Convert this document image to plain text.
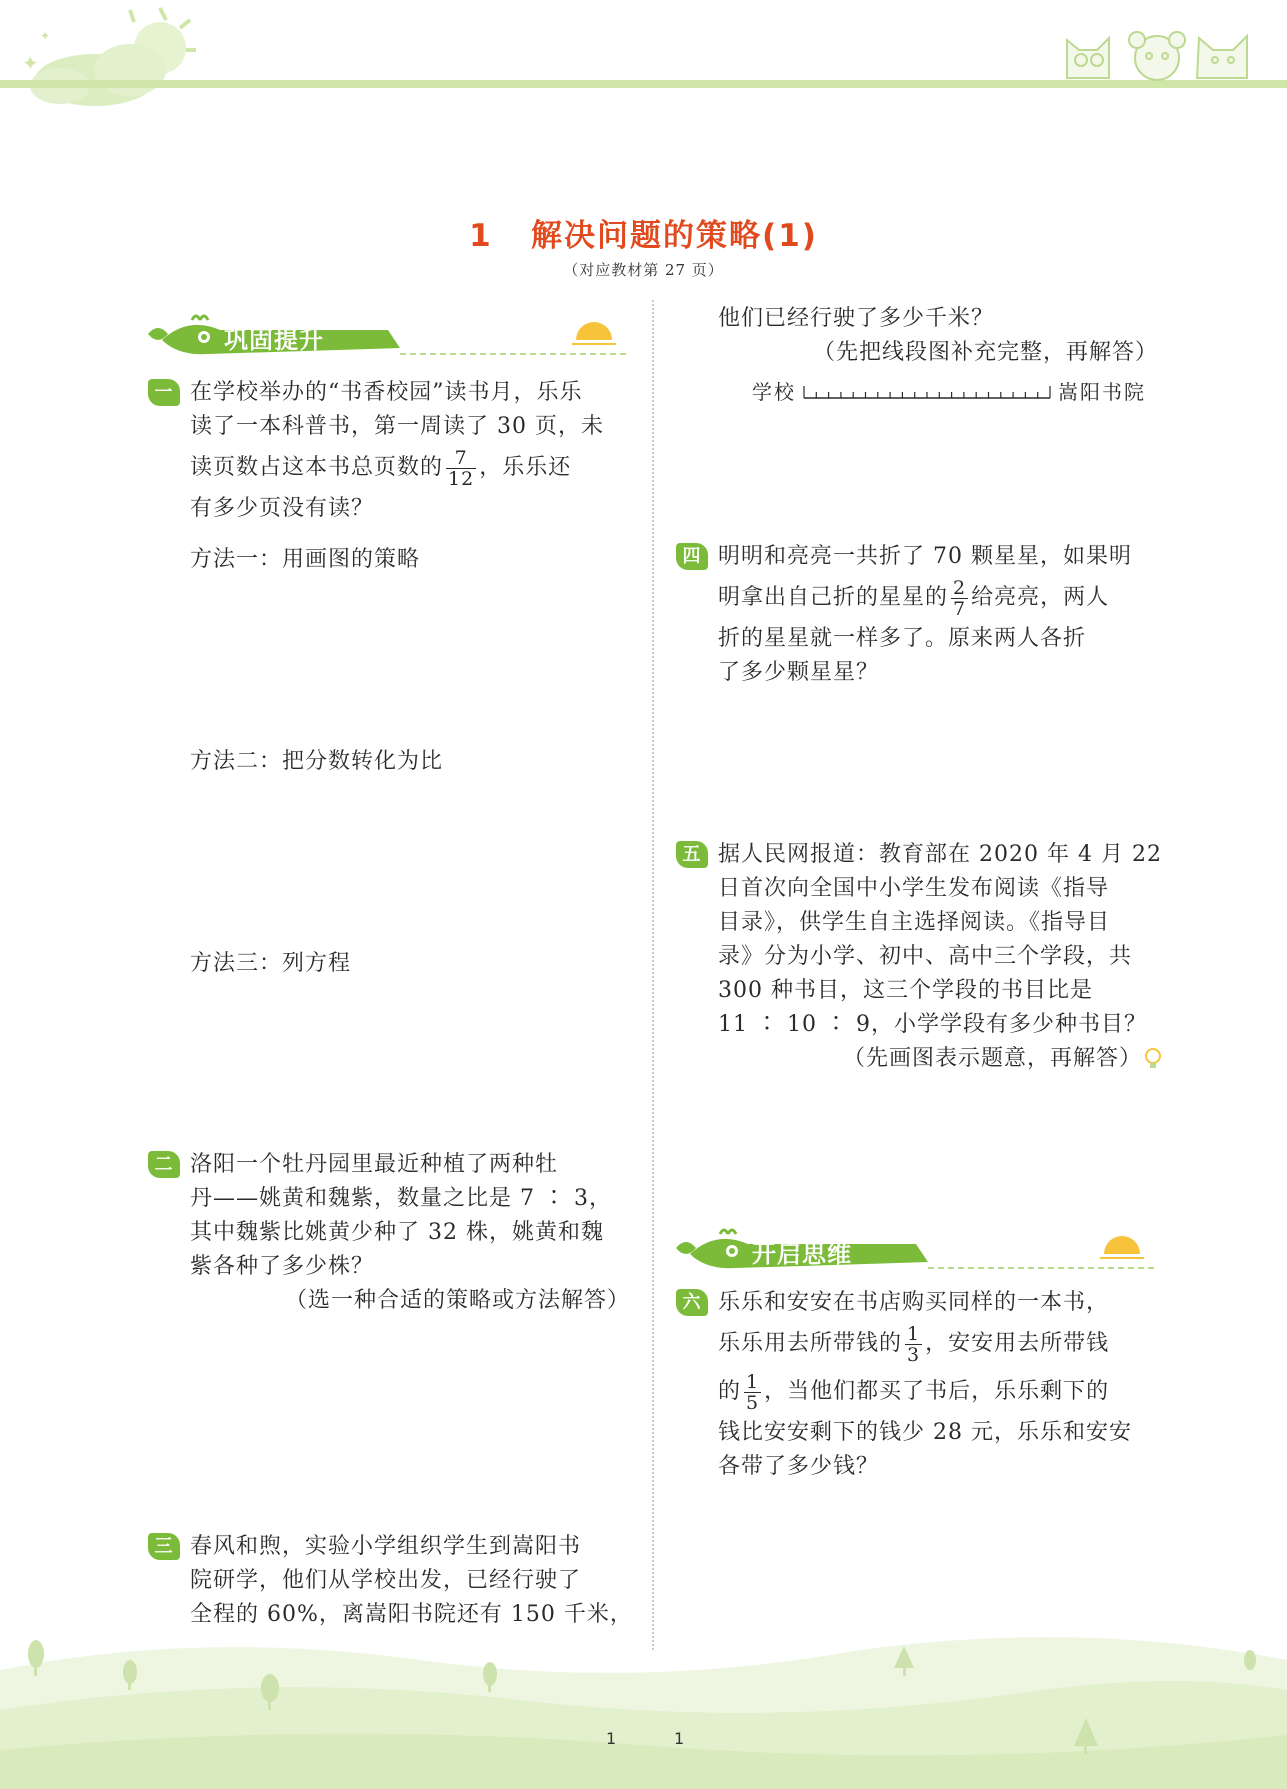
✦
✦
1 解决问题的策略(1)
（对应教材第 27 页）
巩固提升
一 在学校举办的“书香校园”读书月，乐乐
读了一本科普书，第一周读了 30 页，未
读页数占这本书总页数的 $\frac{7}{12}$ ，乐乐还
有多少页没有读？
方法一：用画图的策略
方法二：把分数转化为比
方法三：列方程
二 洛阳一个牡丹园里最近种植了两种牡
丹——姚黄和魏紫，数量之比是 7 ∶ 3，
其中魏紫比姚黄少种了 32 株，姚黄和魏
紫各种了多少株？
（选一种合适的策略或方法解答）
三 春风和煦，实验小学组织学生到嵩阳书
院研学，他们从学校出发，已经行驶了
全程的 60%，离嵩阳书院还有 150 千米，
他们已经行驶了多少千米？
（先把线段图补充完整，再解答）
学校	嵩阳书院
四 明明和亮亮一共折了 70 颗星星，如果明
明拿出自己折的星星的 $\frac{2}{7}$ 给亮亮，两人
折的星星就一样多了。原来两人各折
了多少颗星星？
五 据人民网报道：教育部在 2020 年 4 月 22
日首次向全国中小学生发布阅读《指导
目录》，供学生自主选择阅读。《指导目
录》分为小学、初中、高中三个学段，共
300 种书目，这三个学段的书目比是
11 ∶ 10 ∶ 9，小学学段有多少种书目？
（先画图表示题意，再解答）
开启思维
六 乐乐和安安在书店购买同样的一本书，
乐乐用去所带钱的 $\frac{1}{3}$ ，安安用去所带钱
的 $\frac{1}{5}$ ，当他们都买了书后，乐乐剩下的
钱比安安剩下的钱少 28 元，乐乐和安安
各带了多少钱？
1	1
